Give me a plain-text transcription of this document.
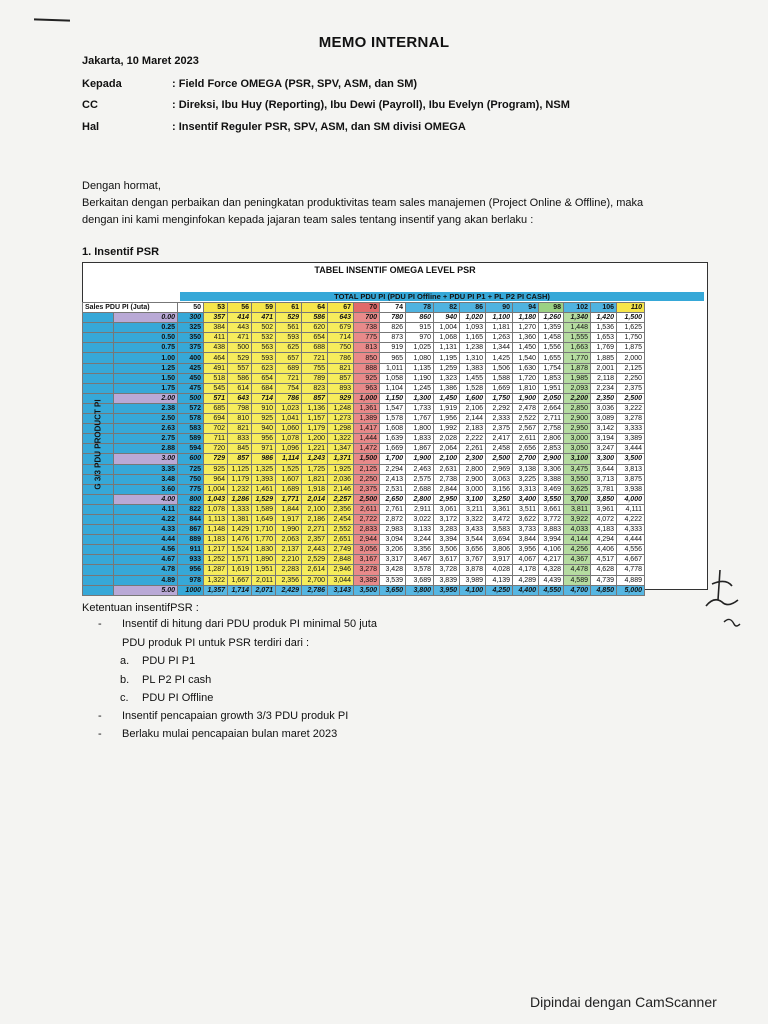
MEMO INTERNAL
Jakarta, 10 Maret 2023
Kepada	: Field Force OMEGA (PSR, SPV, ASM, dan SM)
CC	: Direksi, Ibu Huy (Reporting), Ibu Dewi (Payroll), Ibu Evelyn (Program), NSM
Hal	: Insentif Reguler PSR, SPV, ASM, dan SM divisi OMEGA
Dengan hormat,
Berkaitan dengan perbaikan dan peningkatan produktivitas team sales manajemen (Project Online & Offline), maka
dengan ini kami menginfokan kepada jajaran team sales tentang insentif yang akan berlaku :
1. Insentif PSR
TABEL INSENTIF OMEGA LEVEL PSR
TOTAL PDU PI (PDU PI Offline + PDU PI P1 + PL P2 PI CASH)
Sales PDU PI (Juta)		50	53	56	59	61	64	67	70	74	78	82	86	90	94	98	102	106	110
	0.00	300	357	414	471	529	586	643	700	780	860	940	1,020	1,100	1,180	1,260	1,340	1,420	1,500
	0.25	325	384	443	502	561	620	679	738	826	915	1,004	1,093	1,181	1,270	1,359	1,448	1,536	1,625
	0.50	350	411	471	532	593	654	714	775	873	970	1,068	1,165	1,263	1,360	1,458	1,555	1,653	1,750
	0.75	375	438	500	563	625	688	750	813	919	1,025	1,131	1,238	1,344	1,450	1,556	1,663	1,769	1,875
	1.00	400	464	529	593	657	721	786	850	965	1,080	1,195	1,310	1,425	1,540	1,655	1,770	1,885	2,000
	1.25	425	491	557	623	689	755	821	888	1,011	1,135	1,259	1,383	1,506	1,630	1,754	1,878	2,001	2,125
	1.50	450	518	586	654	721	789	857	925	1,058	1,190	1,323	1,455	1,588	1,720	1,853	1,985	2,118	2,250
	1.75	475	545	614	684	754	823	893	963	1,104	1,245	1,386	1,528	1,669	1,810	1,951	2,093	2,234	2,375
	2.00	500	571	643	714	786	857	929	1,000	1,150	1,300	1,450	1,600	1,750	1,900	2,050	2,200	2,350	2,500
	2.38	572	685	798	910	1,023	1,136	1,248	1,361	1,547	1,733	1,919	2,106	2,292	2,478	2,664	2,850	3,036	3,222
	2.50	578	694	810	925	1,041	1,157	1,273	1,389	1,578	1,767	1,956	2,144	2,333	2,522	2,711	2,900	3,089	3,278
	2.63	583	702	821	940	1,060	1,179	1,298	1,417	1,608	1,800	1,992	2,183	2,375	2,567	2,758	2,950	3,142	3,333
	2.75	589	711	833	956	1,078	1,200	1,322	1,444	1,639	1,833	2,028	2,222	2,417	2,611	2,806	3,000	3,194	3,389
	2.88	594	720	845	971	1,096	1,221	1,347	1,472	1,669	1,867	2,064	2,261	2,458	2,656	2,853	3,050	3,247	3,444
	3.00	600	729	857	986	1,114	1,243	1,371	1,500	1,700	1,900	2,100	2,300	2,500	2,700	2,900	3,100	3,300	3,500
	3.35	725	925	1,125	1,325	1,525	1,725	1,925	2,125	2,294	2,463	2,631	2,800	2,969	3,138	3,306	3,475	3,644	3,813
	3.48	750	964	1,179	1,393	1,607	1,821	2,036	2,250	2,413	2,575	2,738	2,900	3,063	3,225	3,388	3,550	3,713	3,875
	3.60	775	1,004	1,232	1,461	1,689	1,918	2,146	2,375	2,531	2,688	2,844	3,000	3,156	3,313	3,469	3,625	3,781	3,938
	4.00	800	1,043	1,286	1,529	1,771	2,014	2,257	2,500	2,650	2,800	2,950	3,100	3,250	3,400	3,550	3,700	3,850	4,000
	4.11	822	1,078	1,333	1,589	1,844	2,100	2,356	2,611	2,761	2,911	3,061	3,211	3,361	3,511	3,661	3,811	3,961	4,111
	4.22	844	1,113	1,381	1,649	1,917	2,186	2,454	2,722	2,872	3,022	3,172	3,322	3,472	3,622	3,772	3,922	4,072	4,222
	4.33	867	1,148	1,429	1,710	1,990	2,271	2,552	2,833	2,983	3,133	3,283	3,433	3,583	3,733	3,883	4,033	4,183	4,333
	4.44	889	1,183	1,476	1,770	2,063	2,357	2,651	2,944	3,094	3,244	3,394	3,544	3,694	3,844	3,994	4,144	4,294	4,444
	4.56	911	1,217	1,524	1,830	2,137	2,443	2,749	3,056	3,206	3,356	3,506	3,656	3,806	3,956	4,106	4,256	4,406	4,556
	4.67	933	1,252	1,571	1,890	2,210	2,529	2,848	3,167	3,317	3,467	3,617	3,767	3,917	4,067	4,217	4,367	4,517	4,667
	4.78	956	1,287	1,619	1,951	2,283	2,614	2,946	3,278	3,428	3,578	3,728	3,878	4,028	4,178	4,328	4,478	4,628	4,778
	4.89	978	1,322	1,667	2,011	2,356	2,700	3,044	3,389	3,539	3,689	3,839	3,989	4,139	4,289	4,439	4,589	4,739	4,889
	5.00	1000	1,357	1,714	2,071	2,429	2,786	3,143	3,500	3,650	3,800	3,950	4,100	4,250	4,400	4,550	4,700	4,850	5,000
G 3/3 PDU PRODUCT PI
Ketentuan insentifPSR :
- Insentif di hitung dari PDU produk PI minimal 50 juta
PDU produk PI untuk PSR terdiri dari :
a. PDU PI P1
b. PL P2 PI cash
c. PDU PI Offline
- Insentif pencapaian growth 3/3 PDU produk PI
- Berlaku mulai pencapaian bulan maret 2023
Dipindai dengan CamScanner
